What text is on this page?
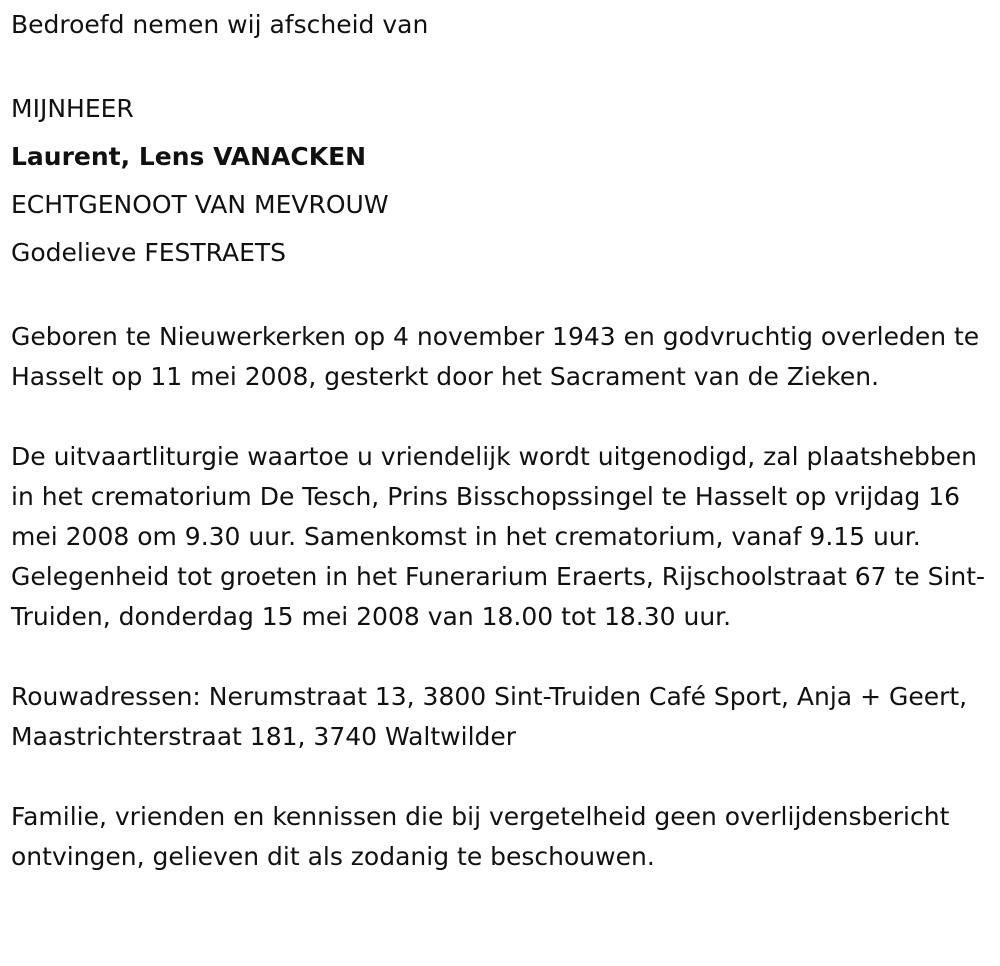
Bedroefd nemen wij afscheid van

MIJNHEER

Laurent, Lens VANACKEN

ECHTGENOOT VAN MEVROUW

Godelieve FESTRAETS

Geboren te Nieuwerkerken op 4 november 1943 en godvruchtig overleden te Hasselt op 11 mei 2008, gesterkt door het Sacrament van de Zieken.

De uitvaartliturgie waartoe u vriendelijk wordt uitgenodigd, zal plaatshebben in het crematorium De Tesch, Prins Bisschopssingel te Hasselt op vrijdag 16 mei 2008 om 9.30 uur. Samenkomst in het crematorium, vanaf 9.15 uur. Gelegenheid tot groeten in het Funerarium Eraerts, Rijschoolstraat 67 te Sint-Truiden, donderdag 15 mei 2008 van 18.00 tot 18.30 uur.

Rouwadressen: Nerumstraat 13, 3800 Sint-Truiden Café Sport, Anja + Geert, Maastrichterstraat 181, 3740 Waltwilder

Familie, vrienden en kennissen die bij vergetelheid geen overlijdensbericht ontvingen, gelieven dit als zodanig te beschouwen.
